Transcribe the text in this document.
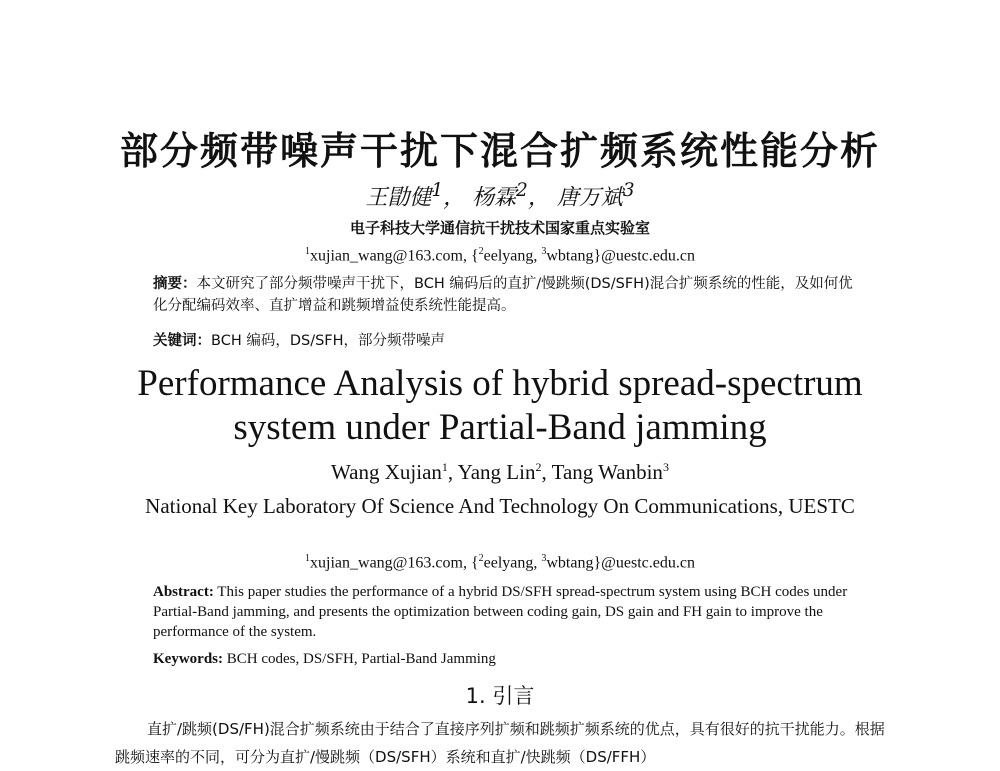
部分频带噪声干扰下混合扩频系统性能分析
王勖健$^1$， 杨霖$^2$， 唐万斌$^3$
电子科技大学通信抗干扰技术国家重点实验室
$^1$xujian_wang@163.com, {$^2$eelyang, $^3$wbtang}@uestc.edu.cn
摘要：本文研究了部分频带噪声干扰下，BCH 编码后的直扩/慢跳频(DS/SFH)混合扩频系统的性能，及如何优化分配编码效率、直扩增益和跳频增益使系统性能提高。
关键词：BCH 编码，DS/SFH，部分频带噪声
Performance Analysis of hybrid spread-spectrum
system under Partial-Band jamming
Wang Xujian$^1$, Yang Lin$^2$, Tang Wanbin$^3$
National Key Laboratory Of Science And Technology On Communications, UESTC
$^1$xujian_wang@163.com, {$^2$eelyang, $^3$wbtang}@uestc.edu.cn
Abstract: This paper studies the performance of a hybrid DS/SFH spread-spectrum system using BCH codes under Partial-Band jamming, and presents the optimization between coding gain, DS gain and FH gain to improve the performance of the system.
Keywords: BCH codes, DS/SFH, Partial-Band Jamming
1. 引言
直扩/跳频(DS/FH)混合扩频系统由于结合了直接序列扩频和跳频扩频系统的优点，具有很好的抗干扰能力。根据跳频速率的不同，可分为直扩/慢跳频（DS/SFH）系统和直扩/快跳频（DS/FFH）
